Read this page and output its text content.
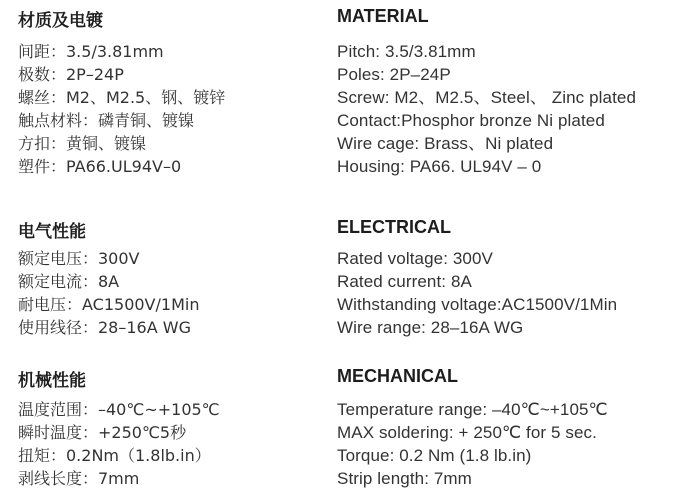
材质及电镀
间距：3.5/3.81mm
极数：2P–24P
螺丝：M2、M2.5、钢、镀锌
触点材料：磷青铜、镀镍
方扣：黄铜、镀镍
塑件：PA66.UL94V–0
电气性能
额定电压：300V
额定电流：8A
耐电压：AC1500V/1Min
使用线径：28–16A WG
机械性能
温度范围：–40℃~+105℃
瞬时温度：+250℃5秒
扭矩：0.2Nm（1.8lb.in）
剥线长度：7mm
MATERIAL
Pitch: 3.5/3.81mm
Poles: 2P–24P
Screw: M2、M2.5、Steel、 Zinc plated
Contact:Phosphor bronze Ni plated
Wire cage: Brass、Ni plated
Housing: PA66. UL94V – 0
ELECTRICAL
Rated voltage: 300V
Rated current: 8A
Withstanding voltage:AC1500V/1Min
Wire range: 28–16A WG
MECHANICAL
Temperature range: –40℃~+105℃
MAX soldering: + 250℃ for 5 sec.
Torque: 0.2 Nm (1.8 lb.in)
Strip length: 7mm
